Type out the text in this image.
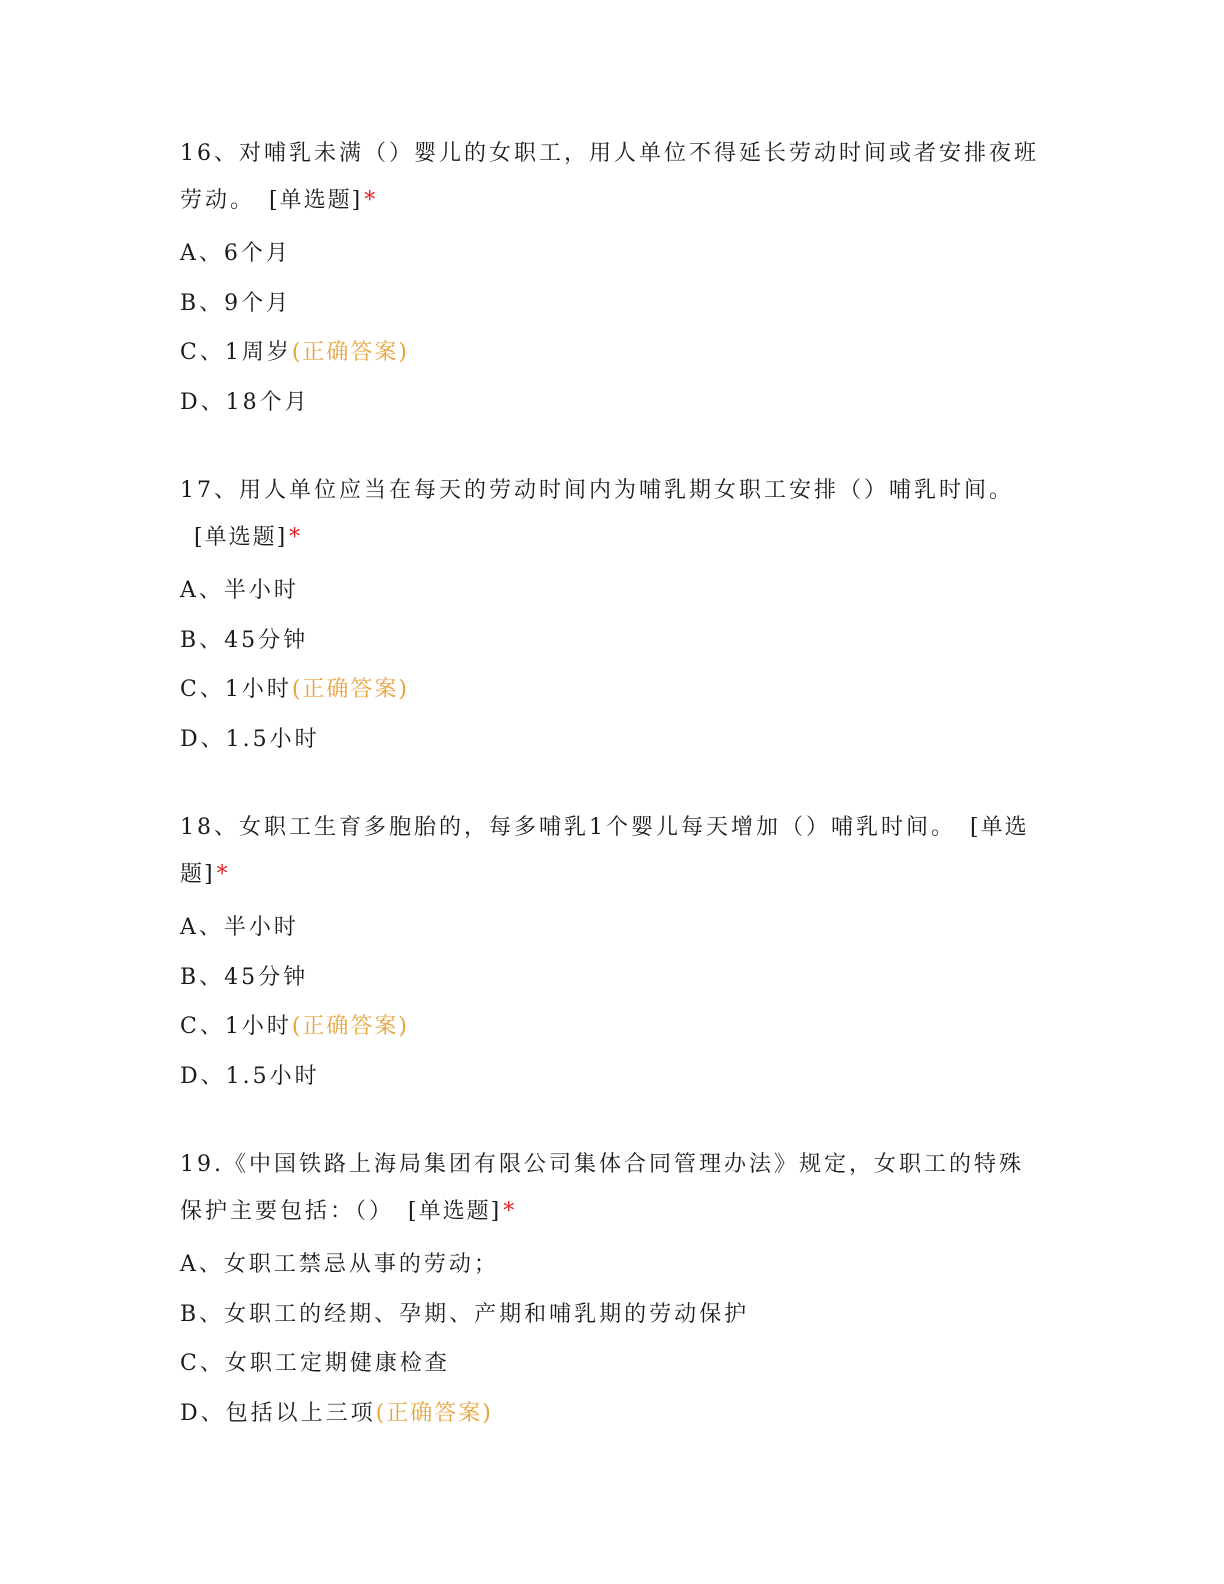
16、对哺乳未满（）婴儿的女职工，用人单位不得延长劳动时间或者安排夜班劳动。 [单选题]*
A、6个月
B、9个月
C、1周岁(正确答案)
D、18个月
17、用人单位应当在每天的劳动时间内为哺乳期女职工安排（）哺乳时间。[单选题]*
A、半小时
B、45分钟
C、1小时(正确答案)
D、1.5小时
18、女职工生育多胞胎的，每多哺乳1个婴儿每天增加（）哺乳时间。 [单选题]*
A、半小时
B、45分钟
C、1小时(正确答案)
D、1.5小时
19.《中国铁路上海局集团有限公司集体合同管理办法》规定，女职工的特殊保护主要包括：（） [单选题]*
A、女职工禁忌从事的劳动；
B、女职工的经期、孕期、产期和哺乳期的劳动保护
C、女职工定期健康检查
D、包括以上三项(正确答案)
